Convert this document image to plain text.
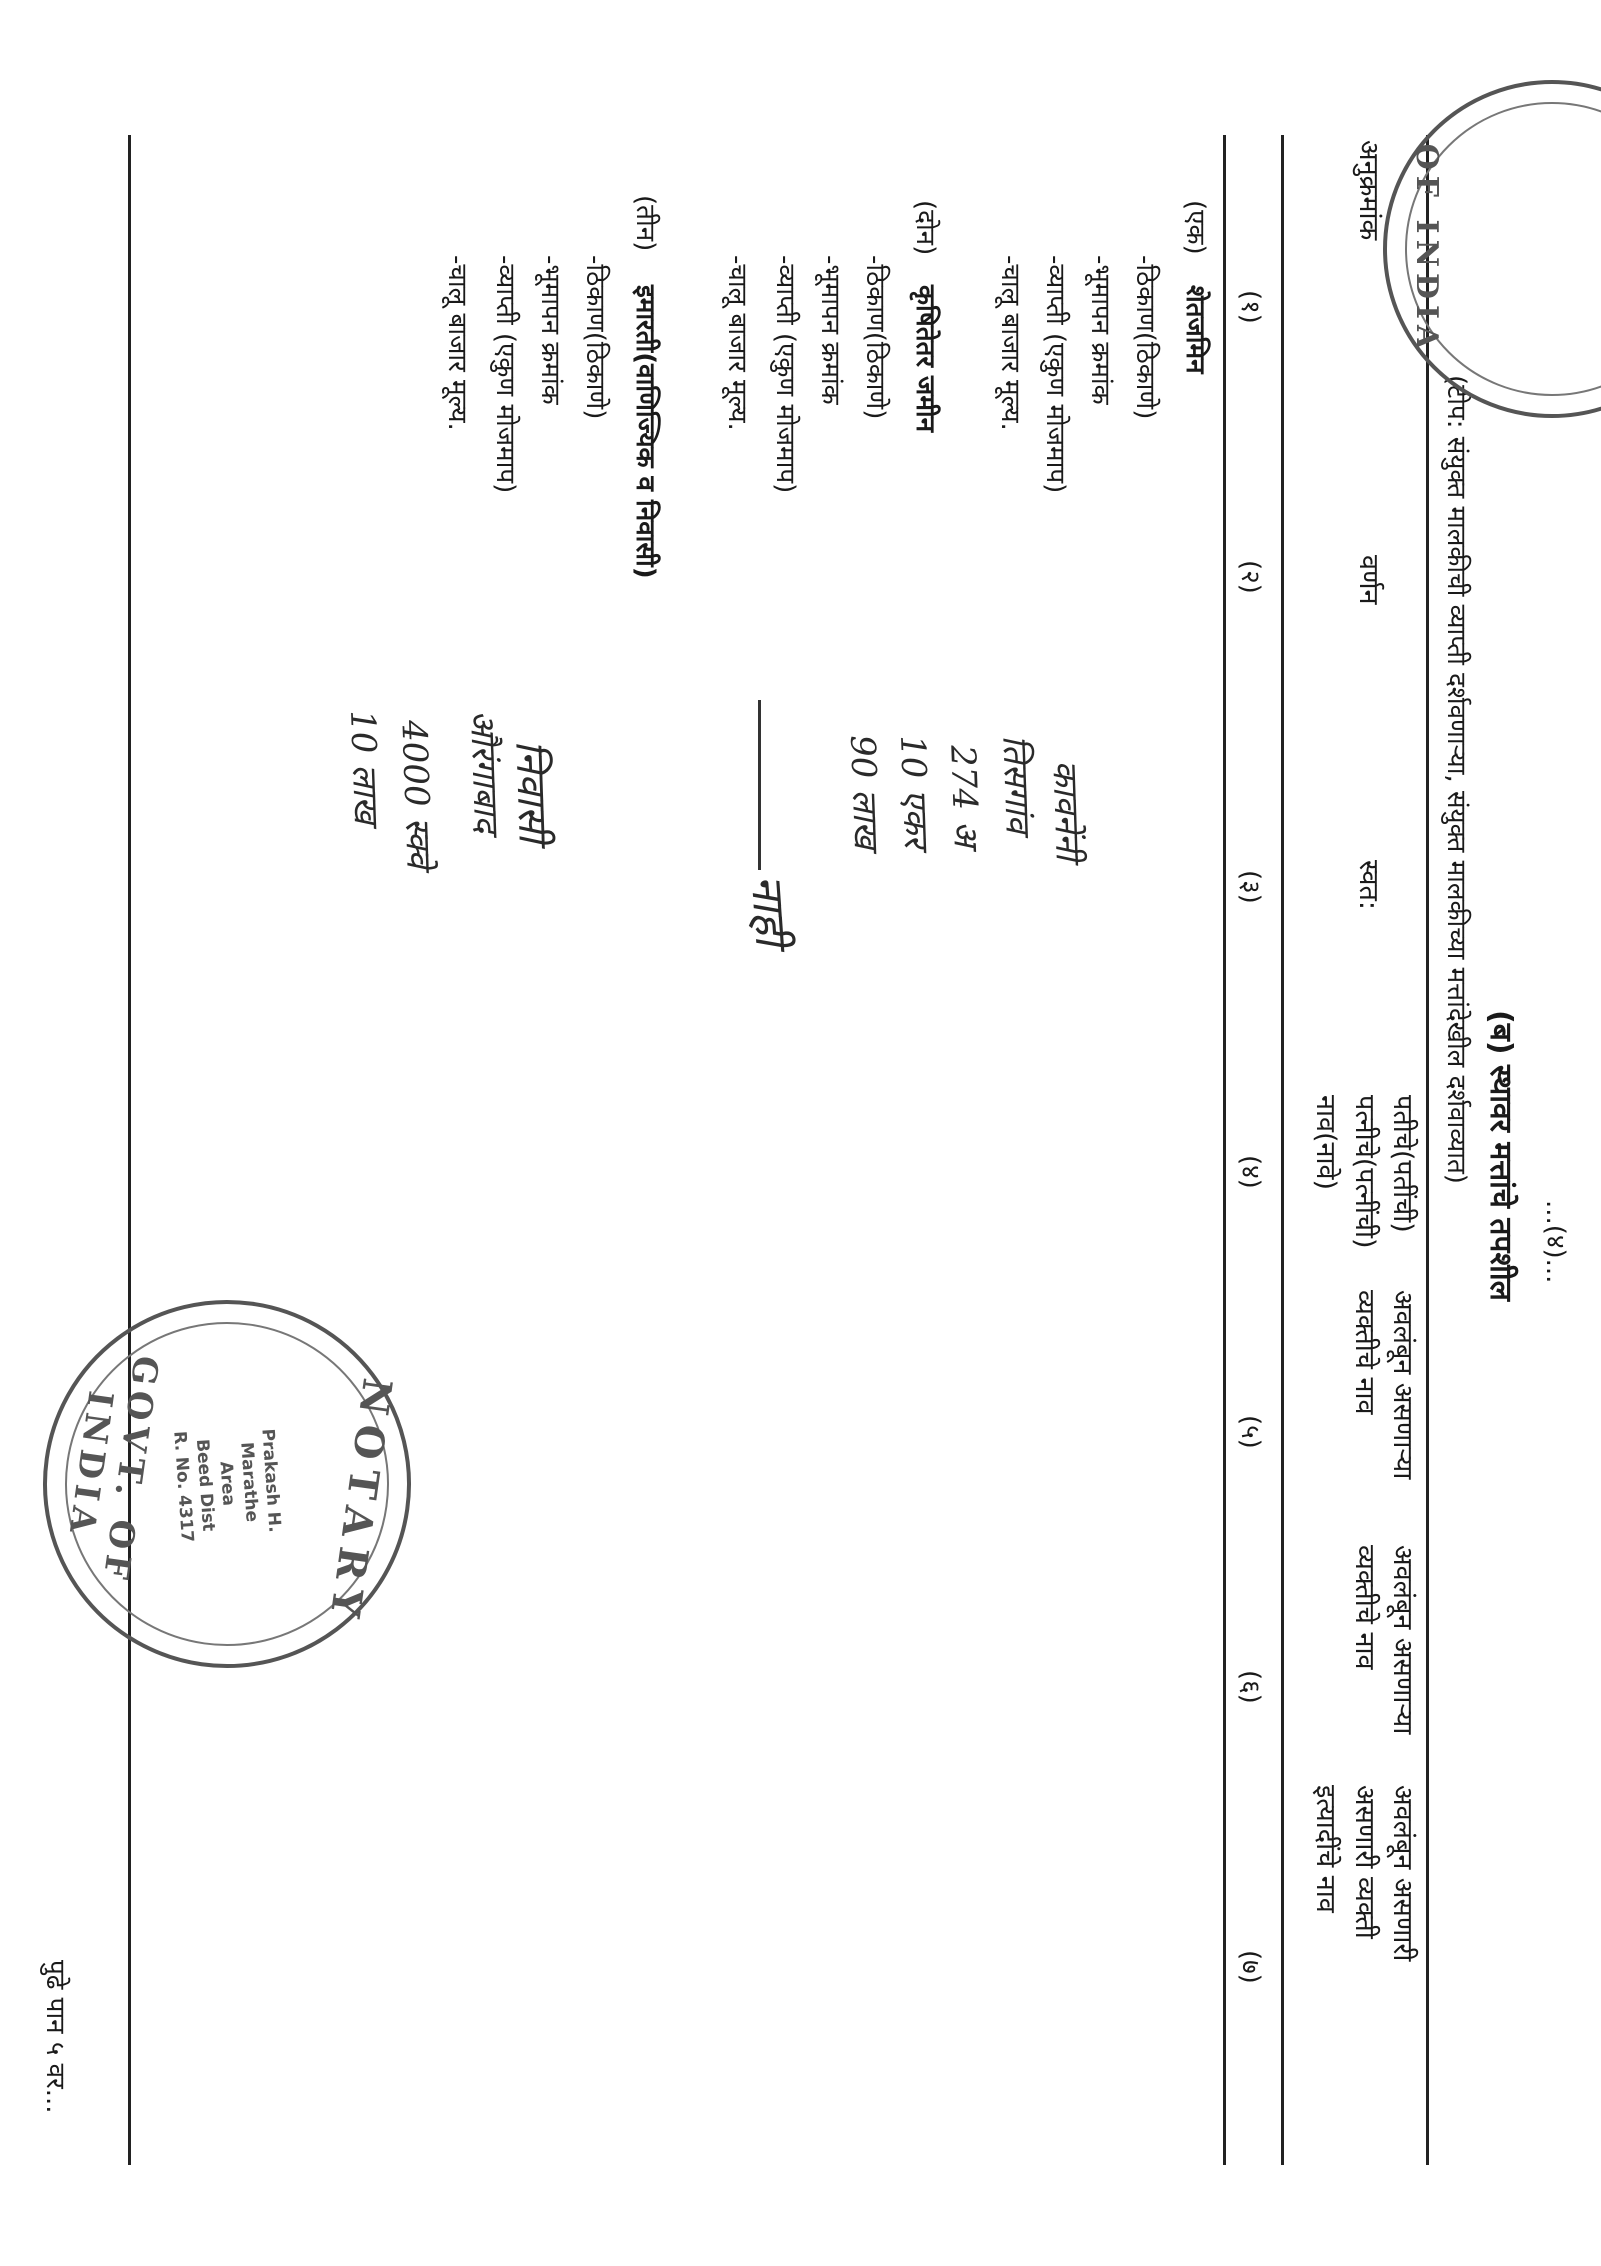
...(४)...
(ब) स्थावर मत्तांचे तपशील
(टीप: संयुक्त मालकीची व्याप्ती दर्शवणाऱ्या, संयुक्त मालकीच्या मत्तांदेखील दर्शवाव्यात)
अनुक्रमांक
वर्णन
स्वत:
पतीचे(पतींची)
पत्नीचे(पत्नींची)
नाव(नावे)
अवलंबून असणाऱ्या
व्यक्तीचे नाव
अवलंबून असणाऱ्या
व्यक्तीचे नाव
अवलंबून असणारी
असणारी व्यक्ती
इत्यादींचे नाव
(१)
(२)
(३)
(४)
(५)
(६)
(७)
(एक)
शेतजमिन
-ठिकाण(ठिकाणे)
-भूमापन क्रमांक
-व्याप्ती (एकुण मोजमाप)
-चालू बाजार मूल्य.
(दोन)
कृषितेतर जमीन
-ठिकाण(ठिकाणे)
-भूमापन क्रमांक
-व्याप्ती (एकुण मोजमाप)
-चालू बाजार मूल्य.
(तीन)
इमारती(वाणिज्यिक व निवासी)
-ठिकाण(ठिकाणे)
-भूमापन क्रमांक
-व्याप्ती (एकुण मोजमाप)
-चालू बाजार मूल्य.
कावनेंनी
तिसगांव
274 अ
10 एकर
90 लाख
नाही
निवासी
औरंगाबाद
4000 स्क्वे
10 लाख
NOTARY
Prakash H.
Marathe
Area
Beed Dist
R. No. 4317
GOVT. OF INDIA
OF INDIA
पुढे पान ५ वर...
